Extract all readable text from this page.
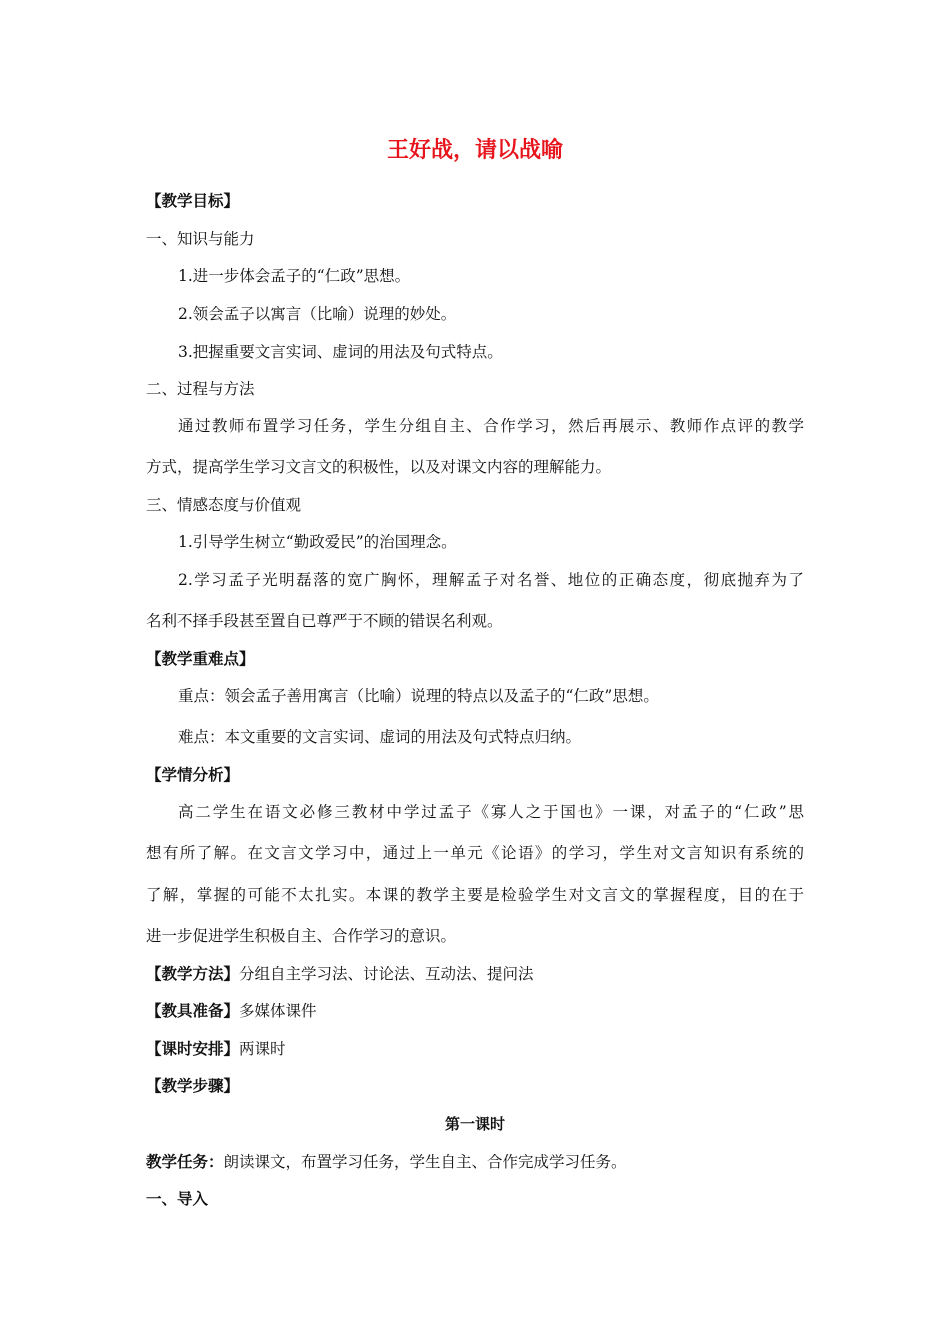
王好战，请以战喻
【教学目标】
一、知识与能力
1.进一步体会孟子的“仁政”思想。
2.领会孟子以寓言（比喻）说理的妙处。
3.把握重要文言实词、虚词的用法及句式特点。
二、过程与方法
通过教师布置学习任务，学生分组自主、合作学习，然后再展示、教师作点评的教学
方式，提高学生学习文言文的积极性，以及对课文内容的理解能力。
三、情感态度与价值观
1.引导学生树立“勤政爱民”的治国理念。
2.学习孟子光明磊落的宽广胸怀，理解孟子对名誉、地位的正确态度，彻底抛弃为了
名利不择手段甚至置自已尊严于不顾的错误名利观。
【教学重难点】
重点：领会孟子善用寓言（比喻）说理的特点以及孟子的“仁政”思想。
难点：本文重要的文言实词、虚词的用法及句式特点归纳。
【学情分析】
高二学生在语文必修三教材中学过孟子《寡人之于国也》一课，对孟子的“仁政”思
想有所了解。在文言文学习中，通过上一单元《论语》的学习，学生对文言知识有系统的
了解，掌握的可能不太扎实。本课的教学主要是检验学生对文言文的掌握程度，目的在于
进一步促进学生积极自主、合作学习的意识。
【教学方法】分组自主学习法、讨论法、互动法、提问法
【教具准备】多媒体课件
【课时安排】两课时
【教学步骤】
第一课时
教学任务：朗读课文，布置学习任务，学生自主、合作完成学习任务。
一、导入
